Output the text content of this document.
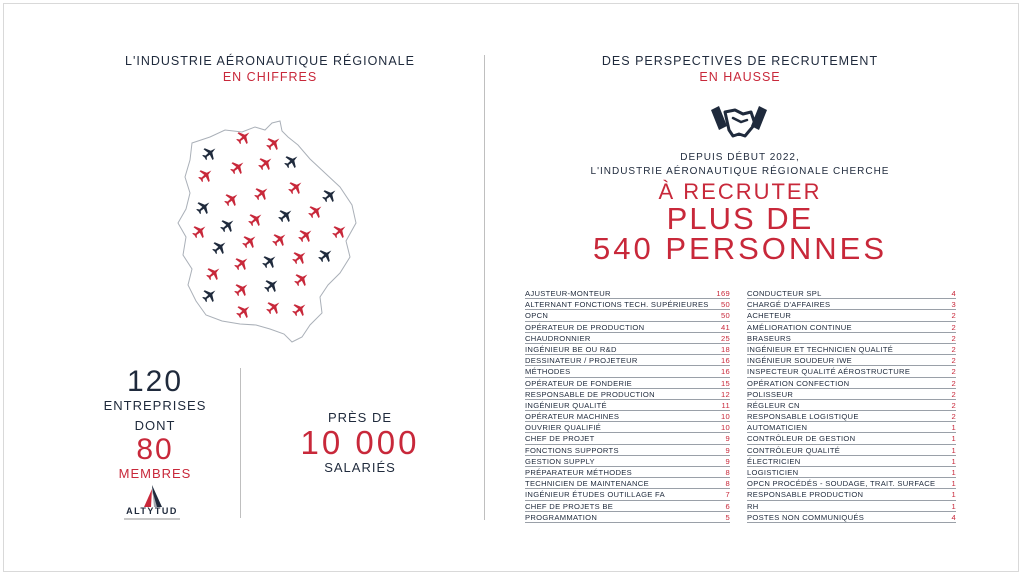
L'INDUSTRIE AÉRONAUTIQUE RÉGIONALE
EN CHIFFRES
120
ENTREPRISES
DONT
80
MEMBRES
ALTYTUD
PRÈS DE
10 000
SALARIÉS
DES PERSPECTIVES DE RECRUTEMENT
EN HAUSSE
DEPUIS DÉBUT 2022,
L'INDUSTRIE AÉRONAUTIQUE RÉGIONALE CHERCHE
À RECRUTER
PLUS DE
540 PERSONNES
AJUSTEUR-MONTEUR	169
ALTERNANT FONCTIONS TECH. SUPÉRIEURES 50
OPCN	50
OPÉRATEUR DE PRODUCTION	41
CHAUDRONNIER	25
INGÉNIEUR BE OU R&D	18
DESSINATEUR / PROJETEUR	16
MÉTHODES	16
OPÉRATEUR DE FONDERIE	15
RESPONSABLE DE PRODUCTION	12
INGÉNIEUR QUALITÉ	11
OPÉRATEUR MACHINES	10
OUVRIER QUALIFIÉ	10
CHEF DE PROJET	9
FONCTIONS SUPPORTS	9
GESTION SUPPLY	9
PRÉPARATEUR MÉTHODES	8
TECHNICIEN DE MAINTENANCE	8
INGÉNIEUR ÉTUDES OUTILLAGE FA	7
CHEF DE PROJETS BE	6
PROGRAMMATION	5
CONDUCTEUR SPL	4
CHARGÉ D'AFFAIRES	3
ACHETEUR	2
AMÉLIORATION CONTINUE	2
BRASEURS	2
INGÉNIEUR ET TECHNICIEN QUALITÉ	2
INGÉNIEUR SOUDEUR IWE	2
INSPECTEUR QUALITÉ AÉROSTRUCTURE	2
OPÉRATION CONFECTION	2
POLISSEUR	2
RÉGLEUR CN	2
RESPONSABLE LOGISTIQUE	2
AUTOMATICIEN	1
CONTRÔLEUR DE GESTION	1
CONTRÔLEUR QUALITÉ	1
ÉLECTRICIEN	1
LOGISTICIEN	1
OPCN PROCÉDÉS - SOUDAGE, TRAIT. SURFACE 1
RESPONSABLE PRODUCTION	1
RH	1
POSTES NON COMMUNIQUÉS	4
